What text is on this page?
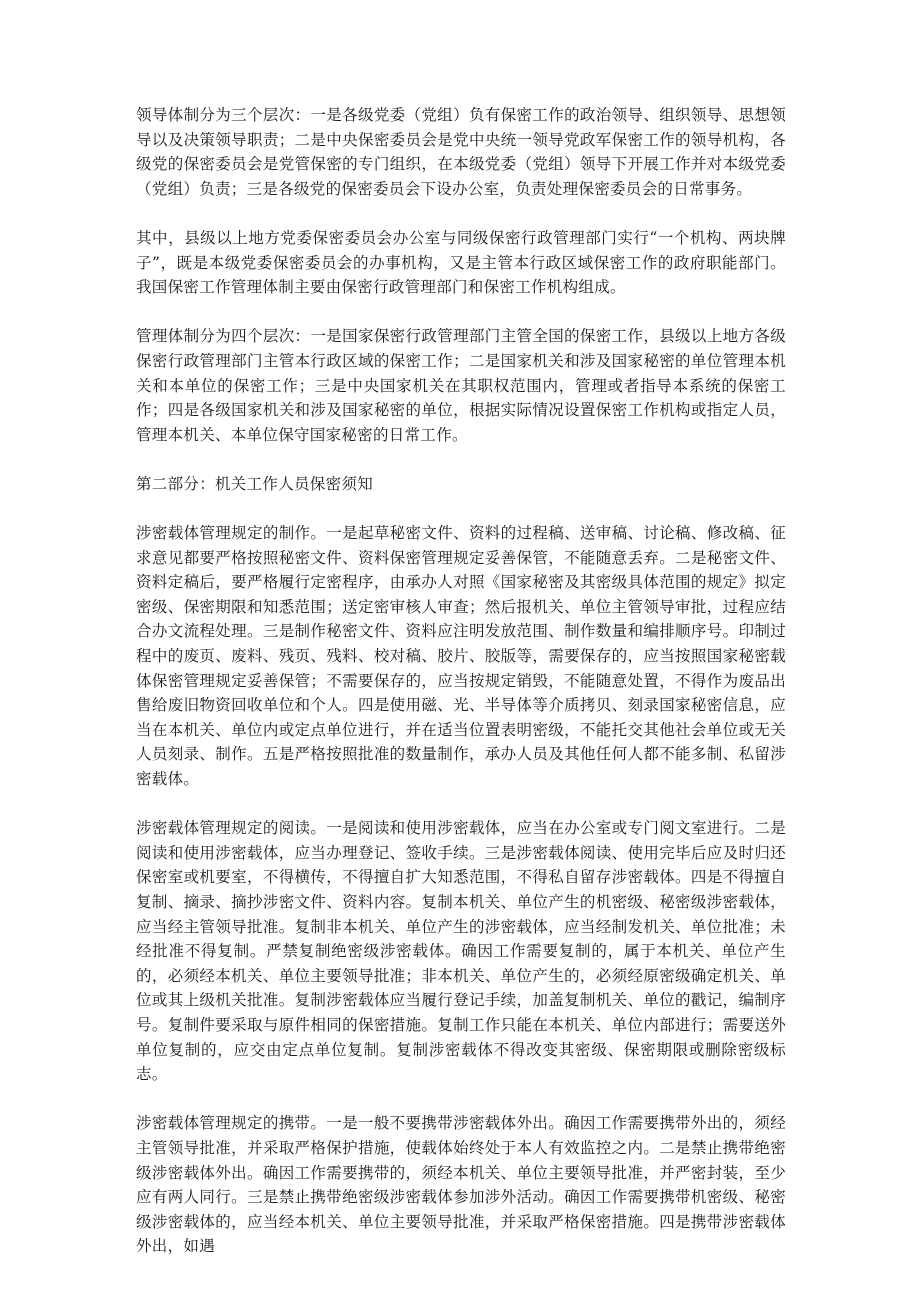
领导体制分为三个层次：一是各级党委（党组）负有保密工作的政治领导、组织领导、思想领导以及决策领导职责；二是中央保密委员会是党中央统一领导党政军保密工作的领导机构，各级党的保密委员会是党管保密的专门组织，在本级党委（党组）领导下开展工作并对本级党委（党组）负责；三是各级党的保密委员会下设办公室，负责处理保密委员会的日常事务。

其中，县级以上地方党委保密委员会办公室与同级保密行政管理部门实行“一个机构、两块牌子”，既是本级党委保密委员会的办事机构，又是主管本行政区域保密工作的政府职能部门。我国保密工作管理体制主要由保密行政管理部门和保密工作机构组成。

管理体制分为四个层次：一是国家保密行政管理部门主管全国的保密工作，县级以上地方各级保密行政管理部门主管本行政区域的保密工作；二是国家机关和涉及国家秘密的单位管理本机关和本单位的保密工作；三是中央国家机关在其职权范围内，管理或者指导本系统的保密工作；四是各级国家机关和涉及国家秘密的单位，根据实际情况设置保密工作机构或指定人员，管理本机关、本单位保守国家秘密的日常工作。

第二部分：机关工作人员保密须知

涉密载体管理规定的制作。一是起草秘密文件、资料的过程稿、送审稿、讨论稿、修改稿、征求意见都要严格按照秘密文件、资料保密管理规定妥善保管，不能随意丢弃。二是秘密文件、资料定稿后，要严格履行定密程序，由承办人对照《国家秘密及其密级具体范围的规定》拟定密级、保密期限和知悉范围；送定密审核人审查；然后报机关、单位主管领导审批，过程应结合办文流程处理。三是制作秘密文件、资料应注明发放范围、制作数量和编排顺序号。印制过程中的废页、废料、残页、残料、校对稿、胶片、胶版等，需要保存的，应当按照国家秘密载体保密管理规定妥善保管；不需要保存的，应当按规定销毁，不能随意处置，不得作为废品出售给废旧物资回收单位和个人。四是使用磁、光、半导体等介质拷贝、刻录国家秘密信息，应当在本机关、单位内或定点单位进行，并在适当位置表明密级，不能托交其他社会单位或无关人员刻录、制作。五是严格按照批准的数量制作，承办人员及其他任何人都不能多制、私留涉密载体。

涉密载体管理规定的阅读。一是阅读和使用涉密载体，应当在办公室或专门阅文室进行。二是阅读和使用涉密载体，应当办理登记、签收手续。三是涉密载体阅读、使用完毕后应及时归还保密室或机要室，不得横传，不得擅自扩大知悉范围，不得私自留存涉密载体。四是不得擅自复制、摘录、摘抄涉密文件、资料内容。复制本机关、单位产生的机密级、秘密级涉密载体，应当经主管领导批准。复制非本机关、单位产生的涉密载体，应当经制发机关、单位批准；未经批准不得复制。严禁复制绝密级涉密载体。确因工作需要复制的，属于本机关、单位产生的，必须经本机关、单位主要领导批准；非本机关、单位产生的，必须经原密级确定机关、单位或其上级机关批准。复制涉密载体应当履行登记手续，加盖复制机关、单位的戳记，编制序号。复制件要采取与原件相同的保密措施。复制工作只能在本机关、单位内部进行；需要送外单位复制的，应交由定点单位复制。复制涉密载体不得改变其密级、保密期限或删除密级标志。

涉密载体管理规定的携带。一是一般不要携带涉密载体外出。确因工作需要携带外出的，须经主管领导批准，并采取严格保护措施，使载体始终处于本人有效监控之内。二是禁止携带绝密级涉密载体外出。确因工作需要携带的，须经本机关、单位主要领导批准，并严密封装，至少应有两人同行。三是禁止携带绝密级涉密载体参加涉外活动。确因工作需要携带机密级、秘密级涉密载体的，应当经本机关、单位主要领导批准，并采取严格保密措施。四是携带涉密载体外出，如遇
